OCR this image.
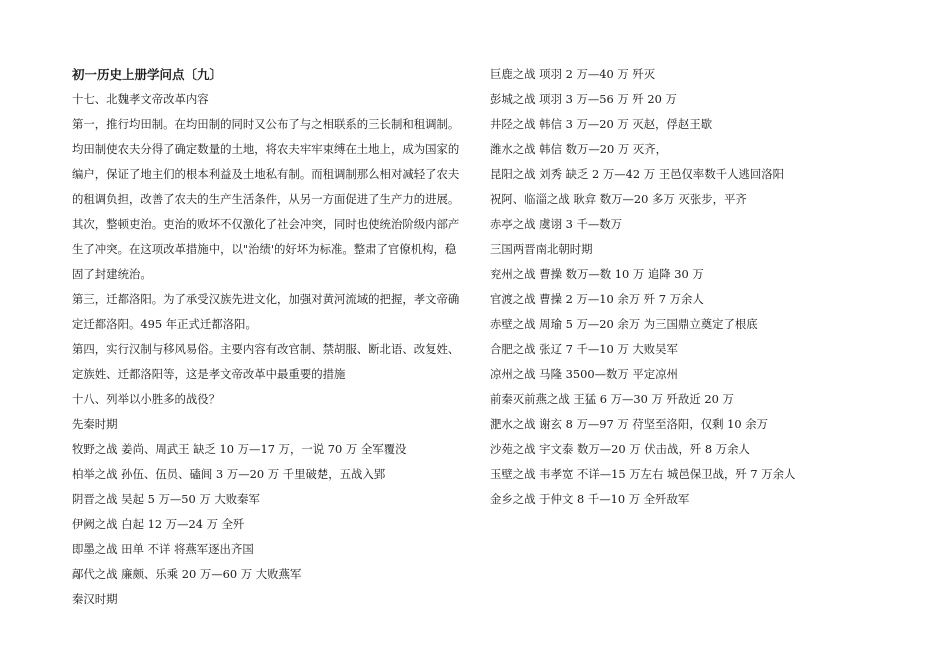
初一历史上册学问点〔九〕
十七、北魏孝文帝改革内容
第一，推行均田制。在均田制的同时又公布了与之相联系的三长制和租调制。
均田制使农夫分得了确定数量的土地，将农夫牢牢束缚在土地上，成为国家的
编户，保证了地主们的根本利益及土地私有制。而租调制那么相对减轻了农夫
的租调负担，改善了农夫的生产生活条件，从另一方面促进了生产力的进展。
其次，整顿吏治。吏治的败坏不仅激化了社会冲突，同时也使统治阶级内部产
生了冲突。在这项改革措施中，以"治绩'的好坏为标准。整肃了官僚机构，稳
固了封建统治。
第三，迁都洛阳。为了承受汉族先进文化，加强对黄河流域的把握，孝文帝确
定迁都洛阳。495 年正式迁都洛阳。
第四，实行汉制与移风易俗。主要内容有改官制、禁胡服、断北语、改复姓、
定族姓、迁都洛阳等，这是孝文帝改革中最重要的措施
十八、列举以小胜多的战役？
先秦时期
牧野之战 姜尚、周武王 缺乏 10 万—17 万，一说 70 万 全军覆没
柏举之战 孙伍、伍员、磕闾 3 万—20 万 千里破楚，五战入郢
阴晋之战 吴起 5 万—50 万 大败秦军
伊阙之战 白起 12 万—24 万 全歼
即墨之战 田单 不详 将燕军逐出齐国
鄗代之战 廉颇、乐乘 20 万—60 万 大败燕军
秦汉时期
巨鹿之战 项羽 2 万—40 万 歼灭
彭城之战 项羽 3 万—56 万 歼 20 万
井陉之战 韩信 3 万—20 万 灭赵，俘赵王歇
潍水之战 韩信 数万—20 万 灭齐，
昆阳之战 刘秀 缺乏 2 万—42 万 王邑仅率数千人逃回洛阳
祝阿、临淄之战 耿弇 数万—20 多万 灭张步，平齐
赤亭之战 虞诩 3 千—数万
三国两晋南北朝时期
兖州之战 曹操 数万—数 10 万 追降 30 万
官渡之战 曹操 2 万—10 余万 歼 7 万余人
赤壁之战 周瑜 5 万—20 余万 为三国鼎立奠定了根底
合肥之战 张辽 7 千—10 万 大败吴军
凉州之战 马隆 3500—数万 平定凉州
前秦灭前燕之战 王猛 6 万—30 万 歼敌近 20 万
淝水之战 谢玄 8 万—97 万 苻坚至洛阳，仅剩 10 余万
沙苑之战 宇文泰 数万—20 万 伏击战，歼 8 万余人
玉壁之战 韦孝宽 不详—15 万左右 城邑保卫战，歼 7 万余人
金乡之战 于仲文 8 千—10 万 全歼敌军
